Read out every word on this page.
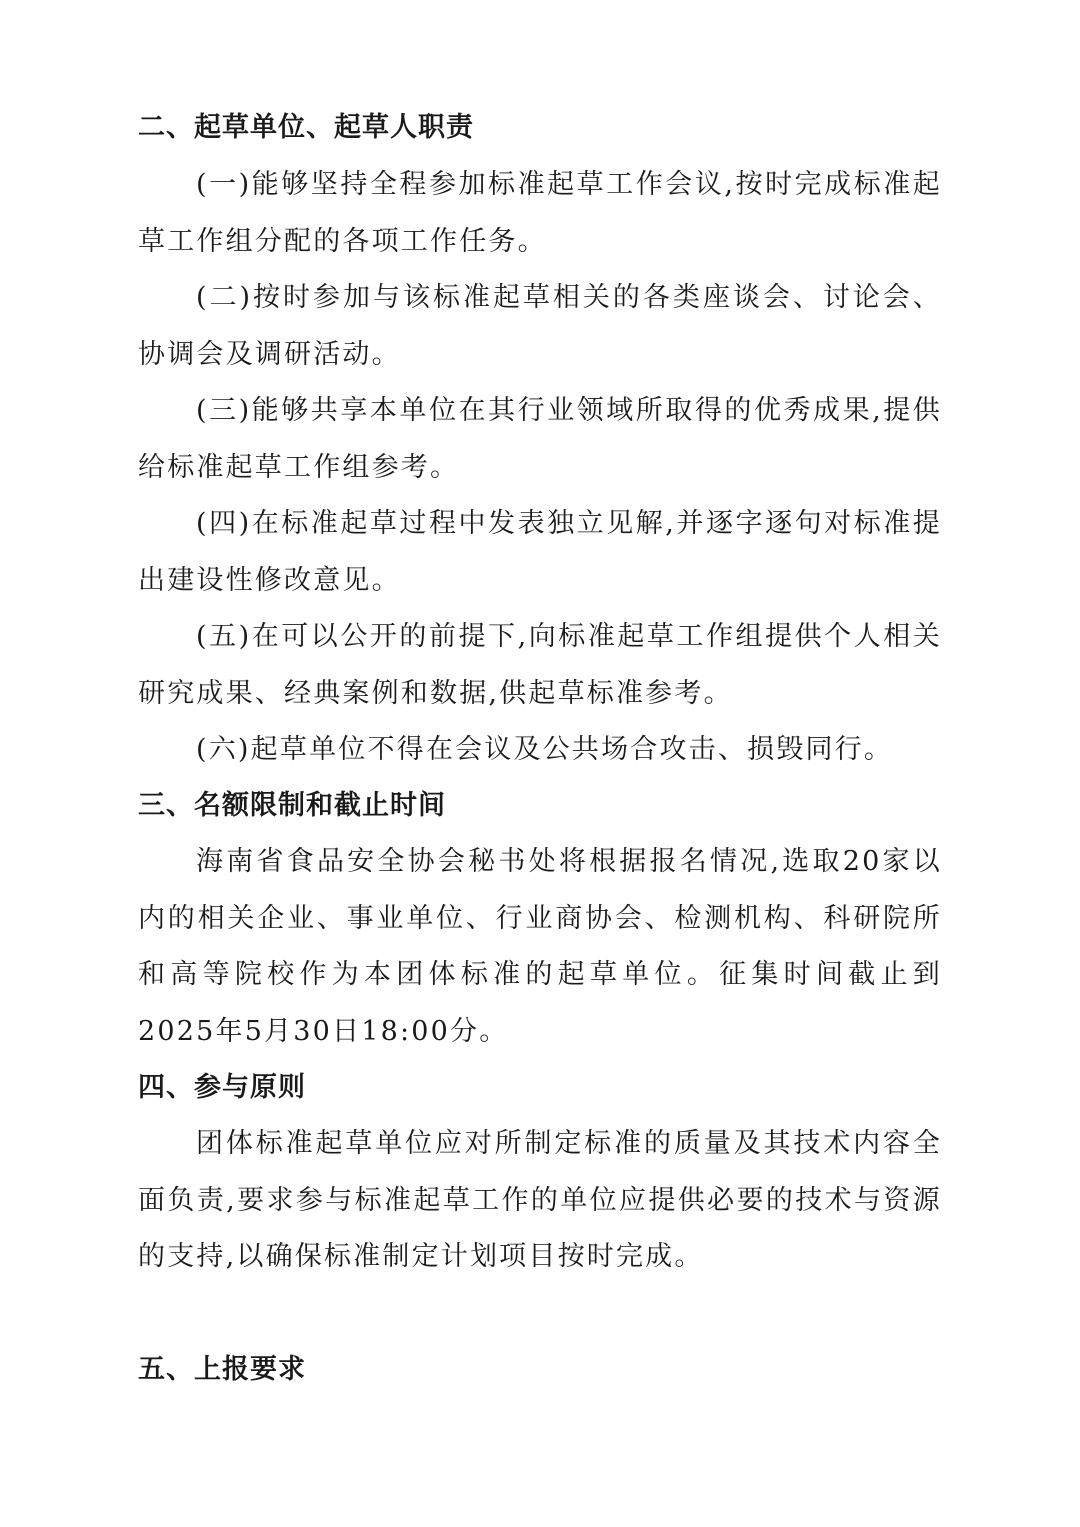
二、起草单位、起草人职责

(一)能够坚持全程参加标准起草工作会议,按时完成标准起草工作组分配的各项工作任务。

(二)按时参加与该标准起草相关的各类座谈会、讨论会、协调会及调研活动。

(三)能够共享本单位在其行业领域所取得的优秀成果,提供给标准起草工作组参考。

(四)在标准起草过程中发表独立见解,并逐字逐句对标准提出建设性修改意见。

(五)在可以公开的前提下,向标准起草工作组提供个人相关研究成果、经典案例和数据,供起草标准参考。

(六)起草单位不得在会议及公共场合攻击、损毁同行。

三、名额限制和截止时间

海南省食品安全协会秘书处将根据报名情况,选取20家以内的相关企业、事业单位、行业商协会、检测机构、科研院所和高等院校作为本团体标准的起草单位。征集时间截止到2025年5月30日18:00分。

四、参与原则

团体标准起草单位应对所制定标准的质量及其技术内容全面负责,要求参与标准起草工作的单位应提供必要的技术与资源的支持,以确保标准制定计划项目按时完成。

五、上报要求
